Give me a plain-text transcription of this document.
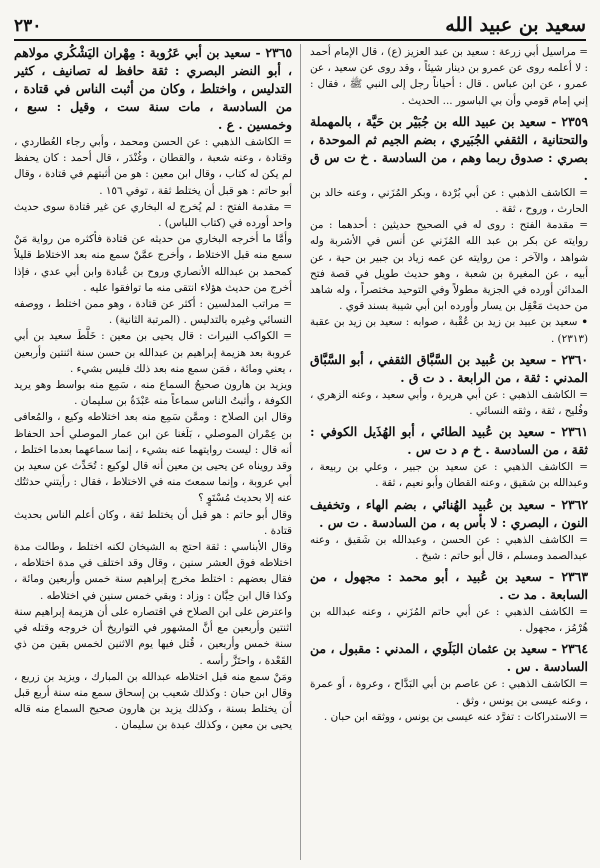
سعيد بن عبيد الله
٢٣٠
= مراسيل أبي زرعة : سعيد بن عبد العزيز (ع) ، قال الإمام أحمد : لا أعلمه روى عن عمرو بن دينار شيئاً ، وقد روى عن سعيد ، عن عمرو ، عن ابن عباس . قال : أحياناً رجل إلى النبي ﷺ ، فقال : إني إمام قومي وأن بي الباسور ... الحديث .
٢٣٥٩ - سعيد بن عبيد الله بن جُبَيْر بن حَيَّة ، بالمهملة والتحتانية ، الثقفي الجُبَيري ، بضم الجيم ثم الموحدة ، بصري : صدوق ربما وهم ، من السادسة . خ ت س ق .
= الكاشف الذهبي : عن أبي بُرْدة ، وبكر المُزَني ، وعنه خالد بن الحارث ، وروح ، ثقة .
= مقدمة الفتح : روى له في الصحيح حديثين : أحدهما : من روايته عن بكر بن عبد الله المُزَني عن أنس في الأشربة وله شواهد ، والآخر : من روايته عن عمه زياد بن جبير بن حية ، عن أبيه ، عن المغيرة بن شعبة ، وهو حديث طويل في قصة فتح المدائن أورده في الجزية مطولاً وفي التوحيد مختصراً ، وله شاهد من حديث مَعْقِل بن يسار وأورده ابن أبي شيبة بسند قوي .
• سعيد بن عبيد بن زيد بن عُقْبة ، صوابه : سعيد بن زيد بن عقبة (٢٣١٣) .
٢٣٦٠ - سعيد بن عُبيد بن السَّبَّاق الثقفي ، أبو السَّبَّاق المدني : ثقة ، من الرابعة . د ت ق .
= الكاشف الذهبي : عن أبي هريرة ، وأبي سعيد ، وعنه الزهري ، وفُليح ، ثقة ، وثقه النسائي .
٢٣٦١ - سعيد بن عُبيد الطائي ، أبو الهُذَيل الكوفي : ثقة ، من السادسة . خ م د ت س .
= الكاشف الذهبي : عن سعيد بن جبير ، وعلي بن ربيعة ، وعبدالله بن شقيق ، وعنه القطان وأبو نعيم ، ثقة .
٢٣٦٢ - سعيد بن عُبيد الهُنائي ، بضم الهاء ، وتخفيف النون ، البصري : لا بأس به ، من السادسة . ت س .
= الكاشف الذهبي : عن الحسن ، وعبدالله بن شَقيق ، وعنه عبدالصمد ومسلم ، قال أبو حاتم : شيخ .
٢٣٦٣ - سعيد بن عُبيد ، أبو محمد : مجهول ، من السابعة . مد ت .
= الكاشف الذهبي : عن أبي حاتم المُزَني ، وعنه عبدالله بن هُرْمُز ، مجهول .
٢٣٦٤ - سعيد بن عثمان البَلَوي ، المدني : مقبول ، من السادسة . س .
= الكاشف الذهبي : عن عاصم بن أبي البَدَّاح ، وعروة ، أو عمرة ، وعنه عيسى بن يونس ، وثق .
= الاستدراكات : تفرَّد عنه عيسى بن يونس ، ووثقه ابن حبان .
٢٣٦٥ - سعيد بن أبي عَرُوبة : مِهْران اليَشْكُري مولاهم ، أبو النضر البصري : ثقة حافظ له تصانيف ، كثير التدليس ، واختلط ، وكان من أثبت الناس في قتادة ، من السادسة ، مات سنة ست ، وقيل : سبع ، وخمسين . ع .
= الكاشف الذهبي : عن الحسن ومحمد ، وأبي رجاء العُطاردي ، وقتادة ، وعنه شعبة ، والقطان ، وغُنْدَر ، قال أحمد : كان يحفظ لم يكن له كتاب ، وقال ابن معين : هو من أثبتهم في قتادة ، وقال أبو حاتم : هو قبل أن يختلط ثقة ، توفي ١٥٦ .
= مقدمة الفتح : لم يُخرج له البخاري عن غير قتادة سوى حديث واحد أورده في (كتاب اللباس) .
وأمَّا ما أخرجه البخاري من حديثه عن قتادة فأكثره من رواية مَنْ سمع منه قبل الاختلاط ، وأخرج عمَّنْ سمع منه بعد الاختلاط قليلاً كمحمد بن عبدالله الأنصاري وروح بن عُبادة وابن أبي عدي ، فإذا أخرج من حديث هؤلاء انتقى منه ما توافقوا عليه .
= مراتب المدلسين : أكثر عن قتادة ، وهو ممن اختلط ، ووصفه النسائي وغيره بالتدليس . (المرتبة الثانية) .
= الكواكب النيرات : قال يحيى بن معين : خَلَّطَ سعيد بن أبي عروبة بعد هزيمة إبراهيم بن عبدالله بن حسن سنة اثنتين وأربعين ، يعني ومائة ، فمَن سمع منه بعد ذلك فليس بشيء .
ويزيد بن هارون صحيحُ السماع منه ، سَمِع منه بواسط وهو يريد الكوفة ، وأثبتُ الناس سماعاً منه عَبْدَةُ بن سليمان .
وقال ابن الصلاح : وممَّن سَمِع منه بعد اختلاطه وكيع ، والمُعافى بن عِمْران الموصلي ، بَلَغنا عن ابن عمار الموصلي أحد الحفاظ أنه قال : ليست روايتهما عنه بشيء ، إنما سماعهما بعدما اختلط ، وقد رويناه عن يحيى بن معين أنه قال لوكيع : تُحَدِّث عن سعيد بن أبي عروبة ، وإنما سمعتَ منه في الاختلاط ، فقال : رأيتني حدثتُك عنه إلا بحديث مُسْتَوٍ ؟
وقال أبو حاتم : هو قبل أن يختلط ثقة ، وكان أعلم الناس بحديث قتادة .
وقال الأبناسي : ثقة احتج به الشيخان لكنه اختلط ، وطالت مدة اختلاطه فوق العشر سنين ، وقال وقد اختلف في مدة اختلاطه ، فقال بعضهم : اختلط مخرج إبراهيم سنة خمس وأربعين ومائة ، وكذا قال ابن حِبَّان : وزاد : وبقي خمس سنين في اختلاطه .
واعترض على ابن الصلاح في اقتصاره على أن هزيمة إبراهيم سنة اثنتين وأربعين مع أنَّ المشهور في التواريخ أن خروجه وقتله في سنة خمس وأربعين ، قُتل فيها يوم الاثنين لخمس بقين من ذي القَعْدة ، واحتَزَّ رأسه .
ومَنْ سمع منه قبل اختلاطه عبدالله بن المبارك ، ويزيد بن زريع ، وقال ابن حبان : وكذلك شعيب بن إسحاق سمع منه سنة أربع قبل أن يختلط بسنة ، وكذلك يزيد بن هارون صحيح السماع منه قاله يحيى بن معين ، وكذلك عبدة بن سليمان .
